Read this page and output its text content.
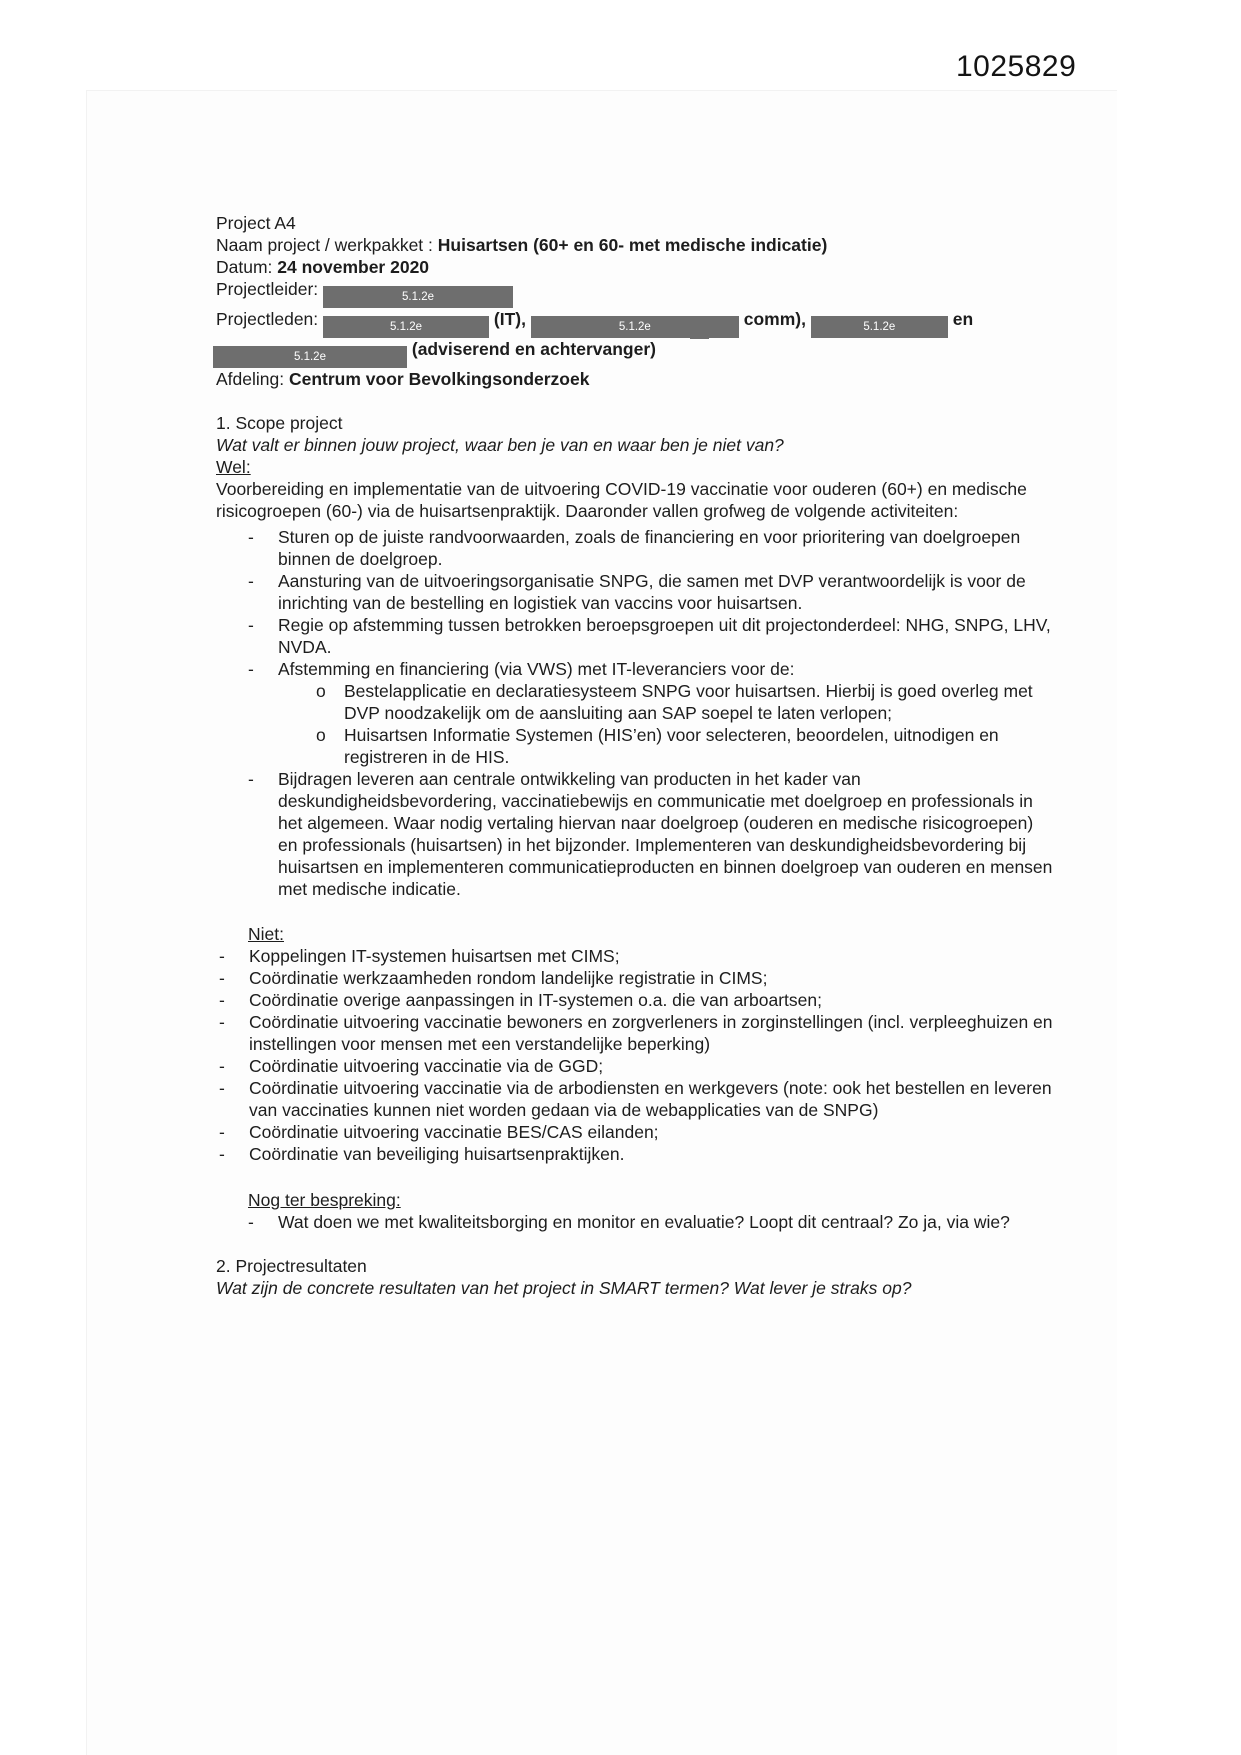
1025829

Project A4

Naam project / werkpakket : Huisartsen (60+ en 60- met medische indicatie)

Datum: 24 november 2020

Projectleider:	5.1.2e

Projectleden:	5.1.2e	(IT),	5.1.2e	comm),	5.1.2e	en

5.1.2e	(adviserend en achtervanger)

Afdeling: Centrum voor Bevolkingsonderzoek

1. Scope project

Wat valt er binnen jouw project, waar ben je van en waar ben je niet van?

Wel:

Voorbereiding en implementatie van de uitvoering COVID-19 vaccinatie voor ouderen (60+) en medische risicogroepen (60-) via de huisartsenpraktijk. Daaronder vallen grofweg de volgende activiteiten:

- Sturen op de juiste randvoorwaarden, zoals de financiering en voor prioritering van doelgroepen binnen de doelgroep.
- Aansturing van de uitvoeringsorganisatie SNPG, die samen met DVP verantwoordelijk is voor de inrichting van de bestelling en logistiek van vaccins voor huisartsen.
- Regie op afstemming tussen betrokken beroepsgroepen uit dit projectonderdeel: NHG, SNPG, LHV, NVDA.
- Afstemming en financiering (via VWS) met IT-leveranciers voor de:
o Bestelapplicatie en declaratiesysteem SNPG voor huisartsen. Hierbij is goed overleg met DVP noodzakelijk om de aansluiting aan SAP soepel te laten verlopen;
o Huisartsen Informatie Systemen (HIS’en) voor selecteren, beoordelen, uitnodigen en registreren in de HIS.
- Bijdragen leveren aan centrale ontwikkeling van producten in het kader van deskundigheidsbevordering, vaccinatiebewijs en communicatie met doelgroep en professionals in het algemeen. Waar nodig vertaling hiervan naar doelgroep (ouderen en medische risicogroepen) en professionals (huisartsen) in het bijzonder. Implementeren van deskundigheidsbevordering bij huisartsen en implementeren communicatieproducten en binnen doelgroep van ouderen en mensen met medische indicatie.

Niet:

- Koppelingen IT-systemen huisartsen met CIMS;
- Coördinatie werkzaamheden rondom landelijke registratie in CIMS;
- Coördinatie overige aanpassingen in IT-systemen o.a. die van arboartsen;
- Coördinatie uitvoering vaccinatie bewoners en zorgverleners in zorginstellingen (incl. verpleeghuizen en instellingen voor mensen met een verstandelijke beperking)
- Coördinatie uitvoering vaccinatie via de GGD;
- Coördinatie uitvoering vaccinatie via de arbodiensten en werkgevers (note: ook het bestellen en leveren van vaccinaties kunnen niet worden gedaan via de webapplicaties van de SNPG)
- Coördinatie uitvoering vaccinatie BES/CAS eilanden;
- Coördinatie van beveiliging huisartsenpraktijken.

Nog ter bespreking:

- Wat doen we met kwaliteitsborging en monitor en evaluatie? Loopt dit centraal? Zo ja, via wie?

2. Projectresultaten

Wat zijn de concrete resultaten van het project in SMART termen? Wat lever je straks op?
